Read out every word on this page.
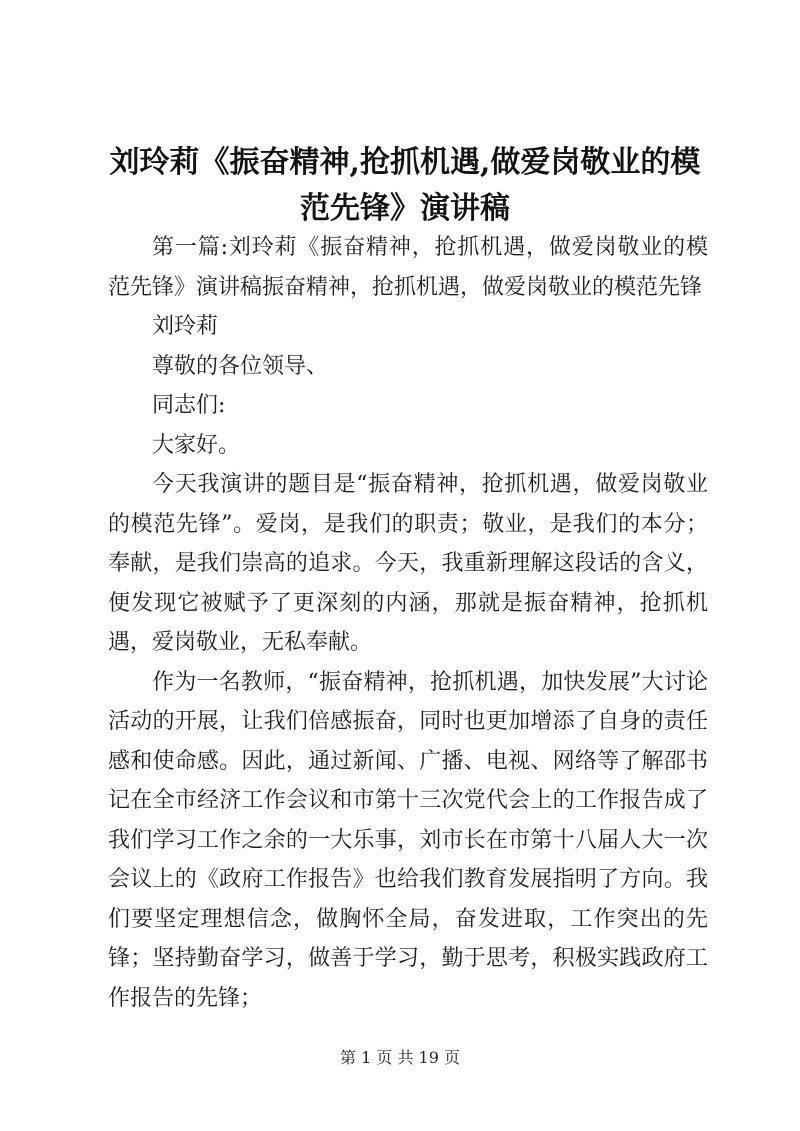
刘玲莉《振奋精神,抢抓机遇,做爱岗敬业的模范先锋》演讲稿

第一篇:刘玲莉《振奋精神，抢抓机遇，做爱岗敬业的模范先锋》演讲稿振奋精神，抢抓机遇，做爱岗敬业的模范先锋

刘玲莉

尊敬的各位领导、

同志们:

大家好。

今天我演讲的题目是“振奋精神，抢抓机遇，做爱岗敬业的模范先锋”。爱岗，是我们的职责；敬业，是我们的本分；奉献，是我们崇高的追求。今天，我重新理解这段话的含义，便发现它被赋予了更深刻的内涵，那就是振奋精神，抢抓机遇，爱岗敬业，无私奉献。

作为一名教师，“振奋精神，抢抓机遇，加快发展”大讨论活动的开展，让我们倍感振奋，同时也更加增添了自身的责任感和使命感。因此，通过新闻、广播、电视、网络等了解邵书记在全市经济工作会议和市第十三次党代会上的工作报告成了我们学习工作之余的一大乐事，刘市长在市第十八届人大一次会议上的《政府工作报告》也给我们教育发展指明了方向。我们要坚定理想信念，做胸怀全局，奋发进取，工作突出的先锋；坚持勤奋学习，做善于学习，勤于思考，积极实践政府工作报告的先锋；

第 1 页 共 19 页
